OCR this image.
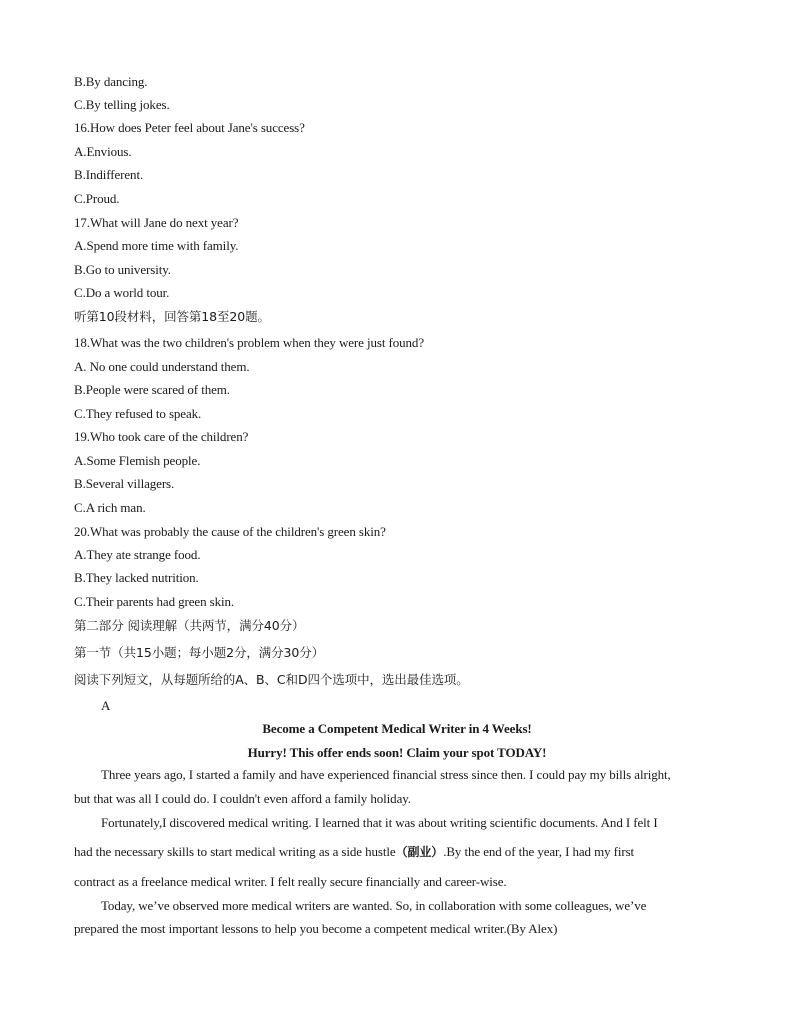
B.By dancing.
C.By telling jokes.
16.How does Peter feel about Jane's success?
A.Envious.
B.Indifferent.
C.Proud.
17.What will Jane do next year?
A.Spend more time with family.
B.Go to university.
C.Do a world tour.
听第10段材料，回答第18至20题。
18.What was the two children's problem when they were just found?
A. No one could understand them.
B.People were scared of them.
C.They refused to speak.
19.Who took care of the children?
A.Some Flemish people.
B.Several villagers.
C.A rich man.
20.What was probably the cause of the children's green skin?
A.They ate strange food.
B.They lacked nutrition.
C.Their parents had green skin.
第二部分 阅读理解（共两节，满分40分）
第一节（共15小题；每小题2分，满分30分）
阅读下列短文，从每题所给的A、B、C和D四个选项中，选出最佳选项。
A
Become a Competent Medical Writer in 4 Weeks!
Hurry! This offer ends soon! Claim your spot TODAY!
Three years ago, I started a family and have experienced financial stress since then. I could pay my bills alright,
but that was all I could do. I couldn't even afford a family holiday.
Fortunately,I discovered medical writing. I learned that it was about writing scientific documents. And I felt I
had the necessary skills to start medical writing as a side hustle（副业）.By the end of the year, I had my first
contract as a freelance medical writer. I felt really secure financially and career-wise.
Today, we’ve observed more medical writers are wanted. So, in collaboration with some colleagues, we’ve
prepared the most important lessons to help you become a competent medical writer.(By Alex)
